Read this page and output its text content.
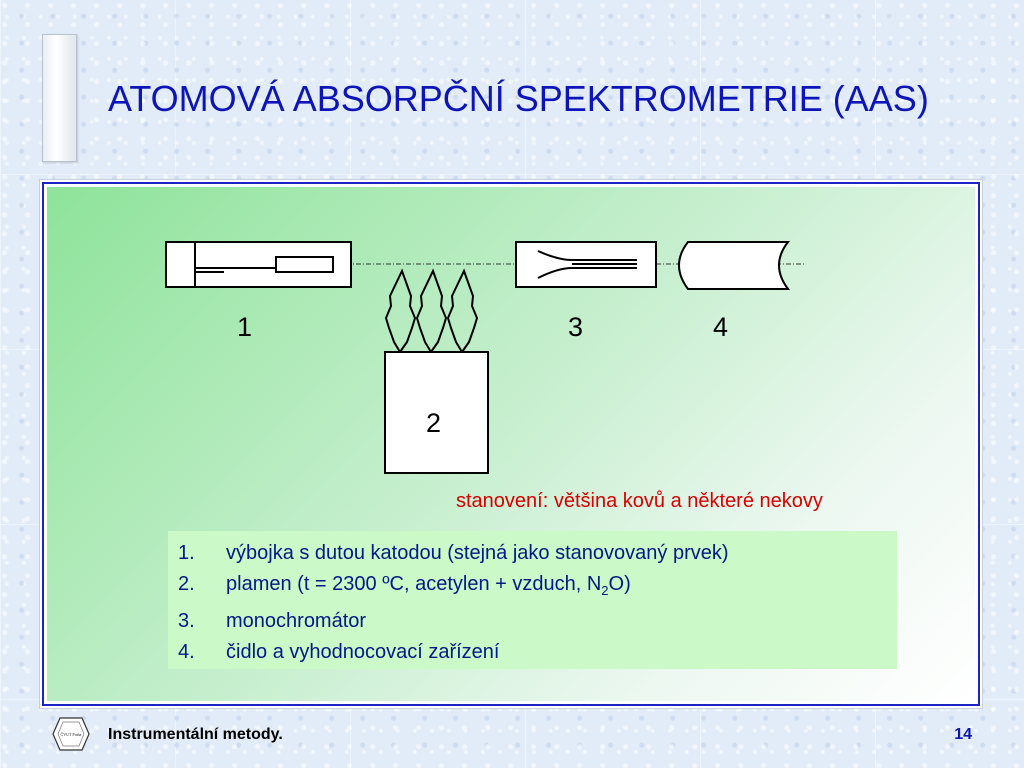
ATOMOVÁ ABSORPČNÍ SPEKTROMETRIE (AAS)
1
2
3	4
stanovení: většina kovů a některé nekovy
1.	výbojka s dutou katodou (stejná jako stanovovaný prvek)
2.	plamen (t = 2300 ºC, acetylen + vzduch, $N_2O$)
3.	monochromátor
4.	čidlo a vyhodnocovací zařízení
ČVUT Praha Instrumentální metody.	14
